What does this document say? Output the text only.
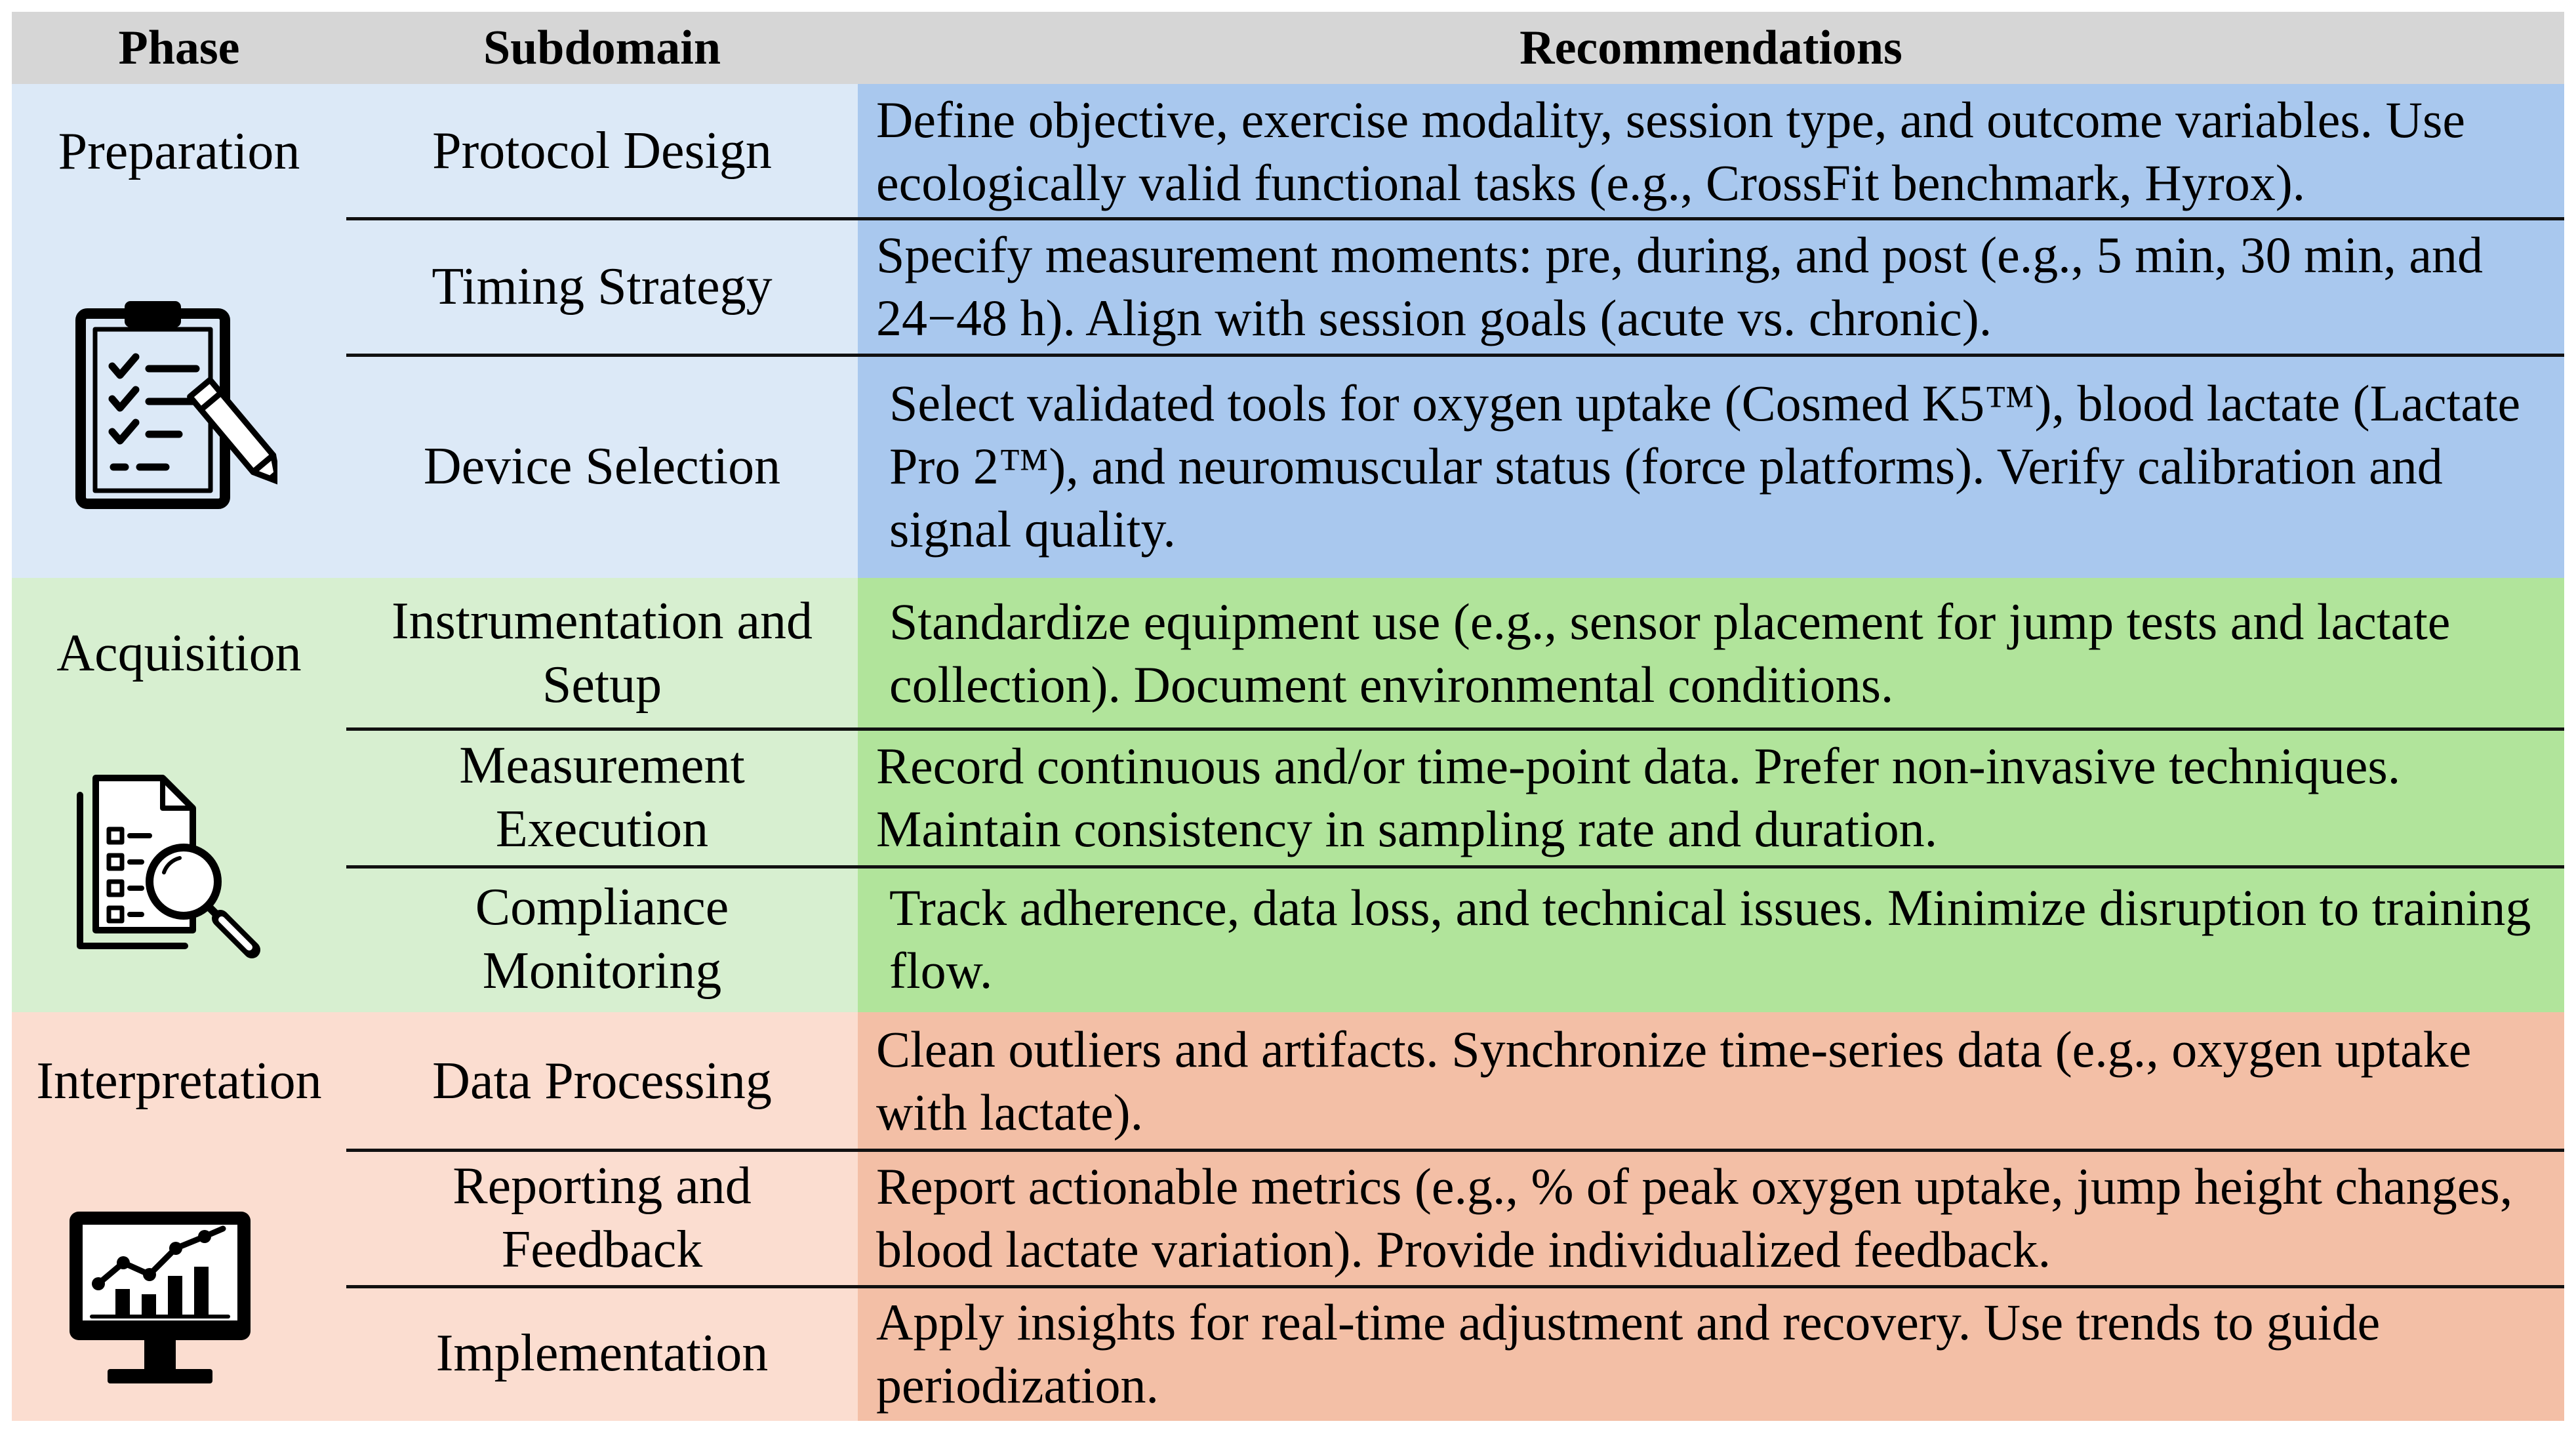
Phase	Subdomain	Recommendations
Preparation
Acquisition
Interpretation
Protocol Design
Timing Strategy
Device Selection
Instrumentation and Setup
Measurement Execution
Compliance Monitoring
Data Processing
Reporting and Feedback
Implementation
Define objective, exercise modality, session type, and outcome variables. Use ecologically valid functional tasks (e.g., CrossFit benchmark, Hyrox).
Specify measurement moments: pre, during, and post (e.g., 5 min, 30 min, and 24−48 h). Align with session goals (acute vs. chronic).
Select validated tools for oxygen uptake (Cosmed K5™), blood lactate (Lactate Pro 2™), and neuromuscular status (force platforms). Verify calibration and signal quality.
Standardize equipment use (e.g., sensor placement for jump tests and lactate collection). Document environmental conditions.
Record continuous and/or time-point data. Prefer non-invasive techniques. Maintain consistency in sampling rate and duration.
Track adherence, data loss, and technical issues. Minimize disruption to training flow.
Clean outliers and artifacts. Synchronize time-series data (e.g., oxygen uptake with lactate).
Report actionable metrics (e.g., % of peak oxygen uptake, jump height changes, blood lactate variation). Provide individualized feedback.
Apply insights for real-time adjustment and recovery. Use trends to guide periodization.
